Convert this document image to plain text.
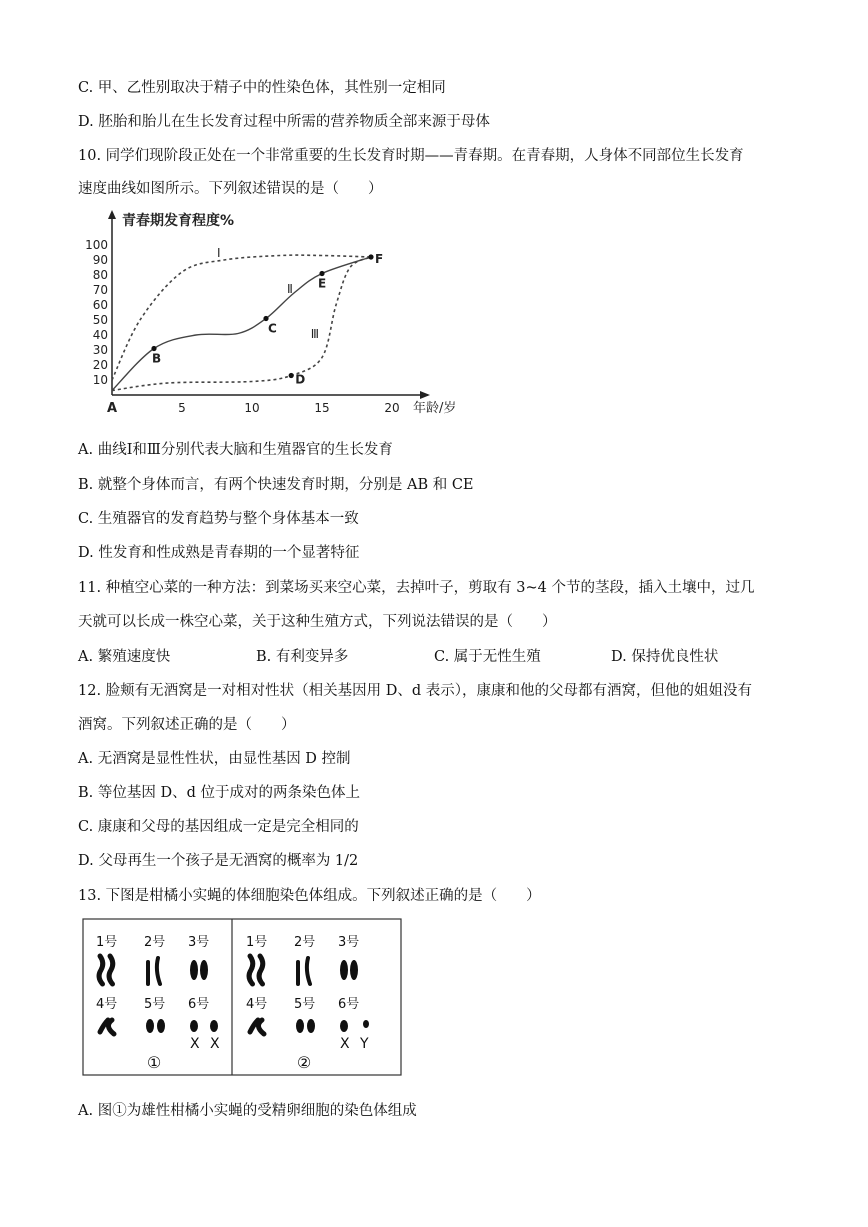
C. 甲、乙性别取决于精子中的性染色体，其性别一定相同
D. 胚胎和胎儿在生长发育过程中所需的营养物质全部来源于母体
10. 同学们现阶段正处在一个非常重要的生长发育时期——青春期。在青春期，人身体不同部位生长发育
速度曲线如图所示。下列叙述错误的是（　　）
青春期发育程度%
年龄/岁
10
20
30
40
50
60
70
80
90
100
5	10	15	20
A
Ⅰ
Ⅱ
Ⅲ
B
C
D
E
F
A. 曲线Ⅰ和Ⅲ分别代表大脑和生殖器官的生长发育
B. 就整个身体而言，有两个快速发育时期，分别是 AB 和 CE
C. 生殖器官的发育趋势与整个身体基本一致
D. 性发育和性成熟是青春期的一个显著特征
11. 种植空心菜的一种方法：到菜场买来空心菜，去掉叶子，剪取有 3~4 个节的茎段，插入土壤中，过几
天就可以长成一株空心菜，关于这种生殖方式，下列说法错误的是（　　）
A. 繁殖速度快	B. 有利变异多	C. 属于无性生殖	D. 保持优良性状
12. 脸颊有无酒窝是一对相对性状（相关基因用 D、d 表示），康康和他的父母都有酒窝，但他的姐姐没有
酒窝。下列叙述正确的是（　　）
A. 无酒窝是显性性状，由显性基因 D 控制
B. 等位基因 D、d 位于成对的两条染色体上
C. 康康和父母的基因组成一定是完全相同的
D. 父母再生一个孩子是无酒窝的概率为 1/2
13. 下图是柑橘小实蝇的体细胞染色体组成。下列叙述正确的是（　　）
1号 2号 3号
4号 5号 6号
X X
①
1号 2号 3号
4号 5号 6号
X Y
②
A. 图①为雄性柑橘小实蝇的受精卵细胞的染色体组成
